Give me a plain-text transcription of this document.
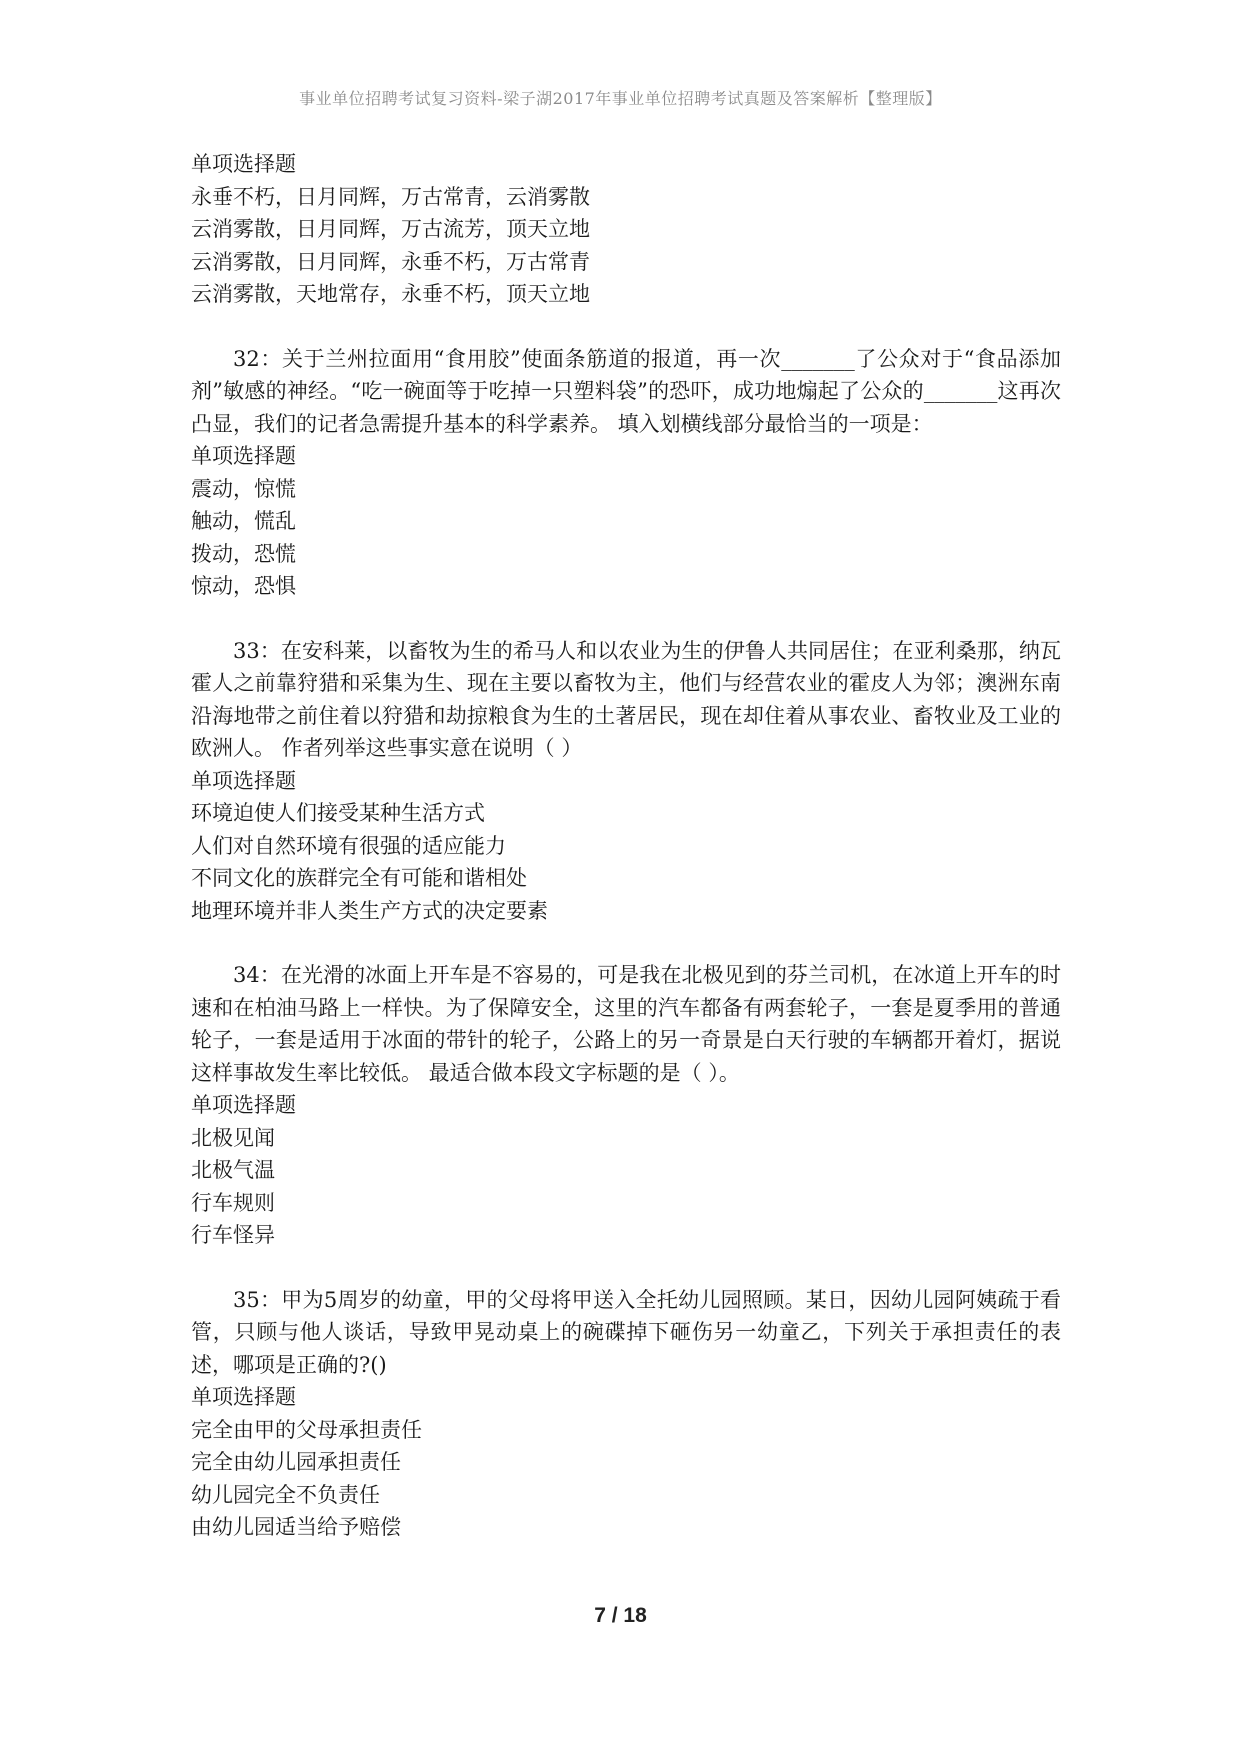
事业单位招聘考试复习资料-梁子湖2017年事业单位招聘考试真题及答案解析【整理版】
单项选择题
永垂不朽，日月同辉，万古常青，云消雾散
云消雾散，日月同辉，万古流芳，顶天立地
云消雾散，日月同辉，永垂不朽，万古常青
云消雾散，天地常存，永垂不朽，顶天立地
32：关于兰州拉面用“食用胶”使面条筋道的报道，再一次_______了公众对于“食品添加剂”敏感的神经。“吃一碗面等于吃掉一只塑料袋”的恐吓，成功地煽起了公众的_______这再次凸显，我们的记者急需提升基本的科学素养。 填入划横线部分最恰当的一项是：
单项选择题
震动，惊慌
触动，慌乱
拨动，恐慌
惊动，恐惧
33：在安科莱，以畜牧为生的希马人和以农业为生的伊鲁人共同居住；在亚利桑那，纳瓦霍人之前靠狩猎和采集为生、现在主要以畜牧为主，他们与经营农业的霍皮人为邻；澳洲东南沿海地带之前住着以狩猎和劫掠粮食为生的土著居民，现在却住着从事农业、畜牧业及工业的欧洲人。 作者列举这些事实意在说明（ ）
单项选择题
环境迫使人们接受某种生活方式
人们对自然环境有很强的适应能力
不同文化的族群完全有可能和谐相处
地理环境并非人类生产方式的决定要素
34：在光滑的冰面上开车是不容易的，可是我在北极见到的芬兰司机，在冰道上开车的时速和在柏油马路上一样快。为了保障安全，这里的汽车都备有两套轮子，一套是夏季用的普通轮子，一套是适用于冰面的带针的轮子，公路上的另一奇景是白天行驶的车辆都开着灯，据说这样事故发生率比较低。 最适合做本段文字标题的是（ ）。
单项选择题
北极见闻
北极气温
行车规则
行车怪异
35：甲为5周岁的幼童，甲的父母将甲送入全托幼儿园照顾。某日，因幼儿园阿姨疏于看管，只顾与他人谈话，导致甲晃动桌上的碗碟掉下砸伤另一幼童乙，下列关于承担责任的表述，哪项是正确的?()
单项选择题
完全由甲的父母承担责任
完全由幼儿园承担责任
幼儿园完全不负责任
由幼儿园适当给予赔偿
7 / 18
